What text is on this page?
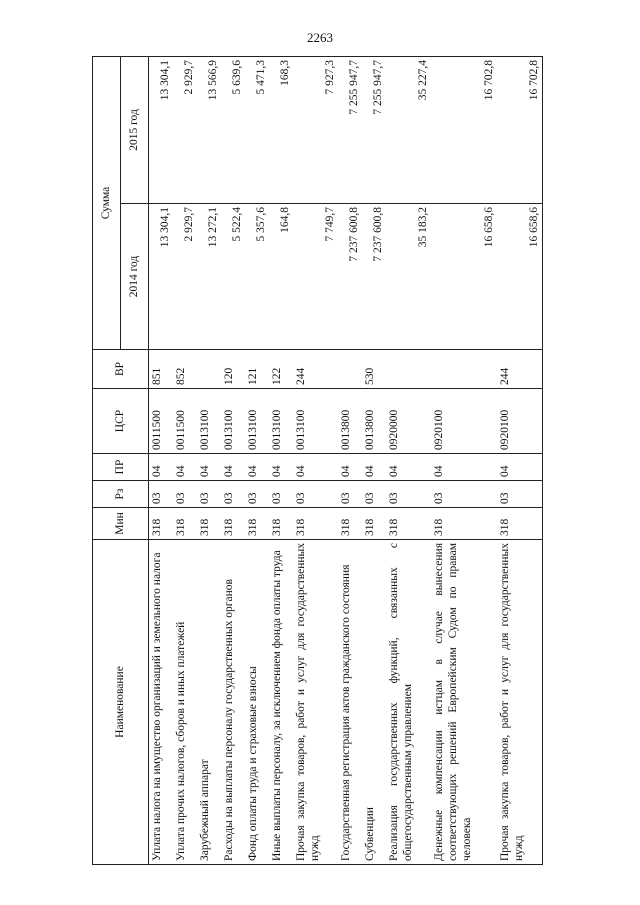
2263
Наименование	Мин	Рз	ПР	ЦСР	ВР	Сумма	
						2014 год	2015 год
Уплата налога на имущество организаций и земельного налога	318	03	04	0011500	851	13 304,1	13 304,1
Уплата прочих налогов, сборов и иных платежей	318	03	04	0011500	852	2 929,7	2 929,7
Зарубежный аппарат	318	03	04	0013100		13 272,1	13 566,9
Расходы на выплаты персоналу государственных органов	318	03	04	0013100	120	5 522,4	5 639,6
Фонд оплаты труда и страховые взносы	318	03	04	0013100	121	5 357,6	5 471,3
Иные выплаты персоналу, за исключением фонда оплаты труда	318	03	04	0013100	122	164,8	168,3
Прочая закупка товаров, работ и услуг для государственных нужд	318	03	04	0013100	244	7 749,7	7 927,3
Государственная регистрация актов гражданского состояния	318	03	04	0013800		7 237 600,8	7 255 947,7
Субвенции	318	03	04	0013800	530	7 237 600,8	7 255 947,7
Реализация государственных функций, связанных с общегосударственным управлением	318	03	04	0920000		35 183,2	35 227,4
Денежные компенсации истцам в случае вынесения соответствующих решений Европейским Судом по правам человека	318	03	04	0920100		16 658,6	16 702,8
Прочая закупка товаров, работ и услуг для государственных нужд	318	03	04	0920100	244	16 658,6	16 702,8
